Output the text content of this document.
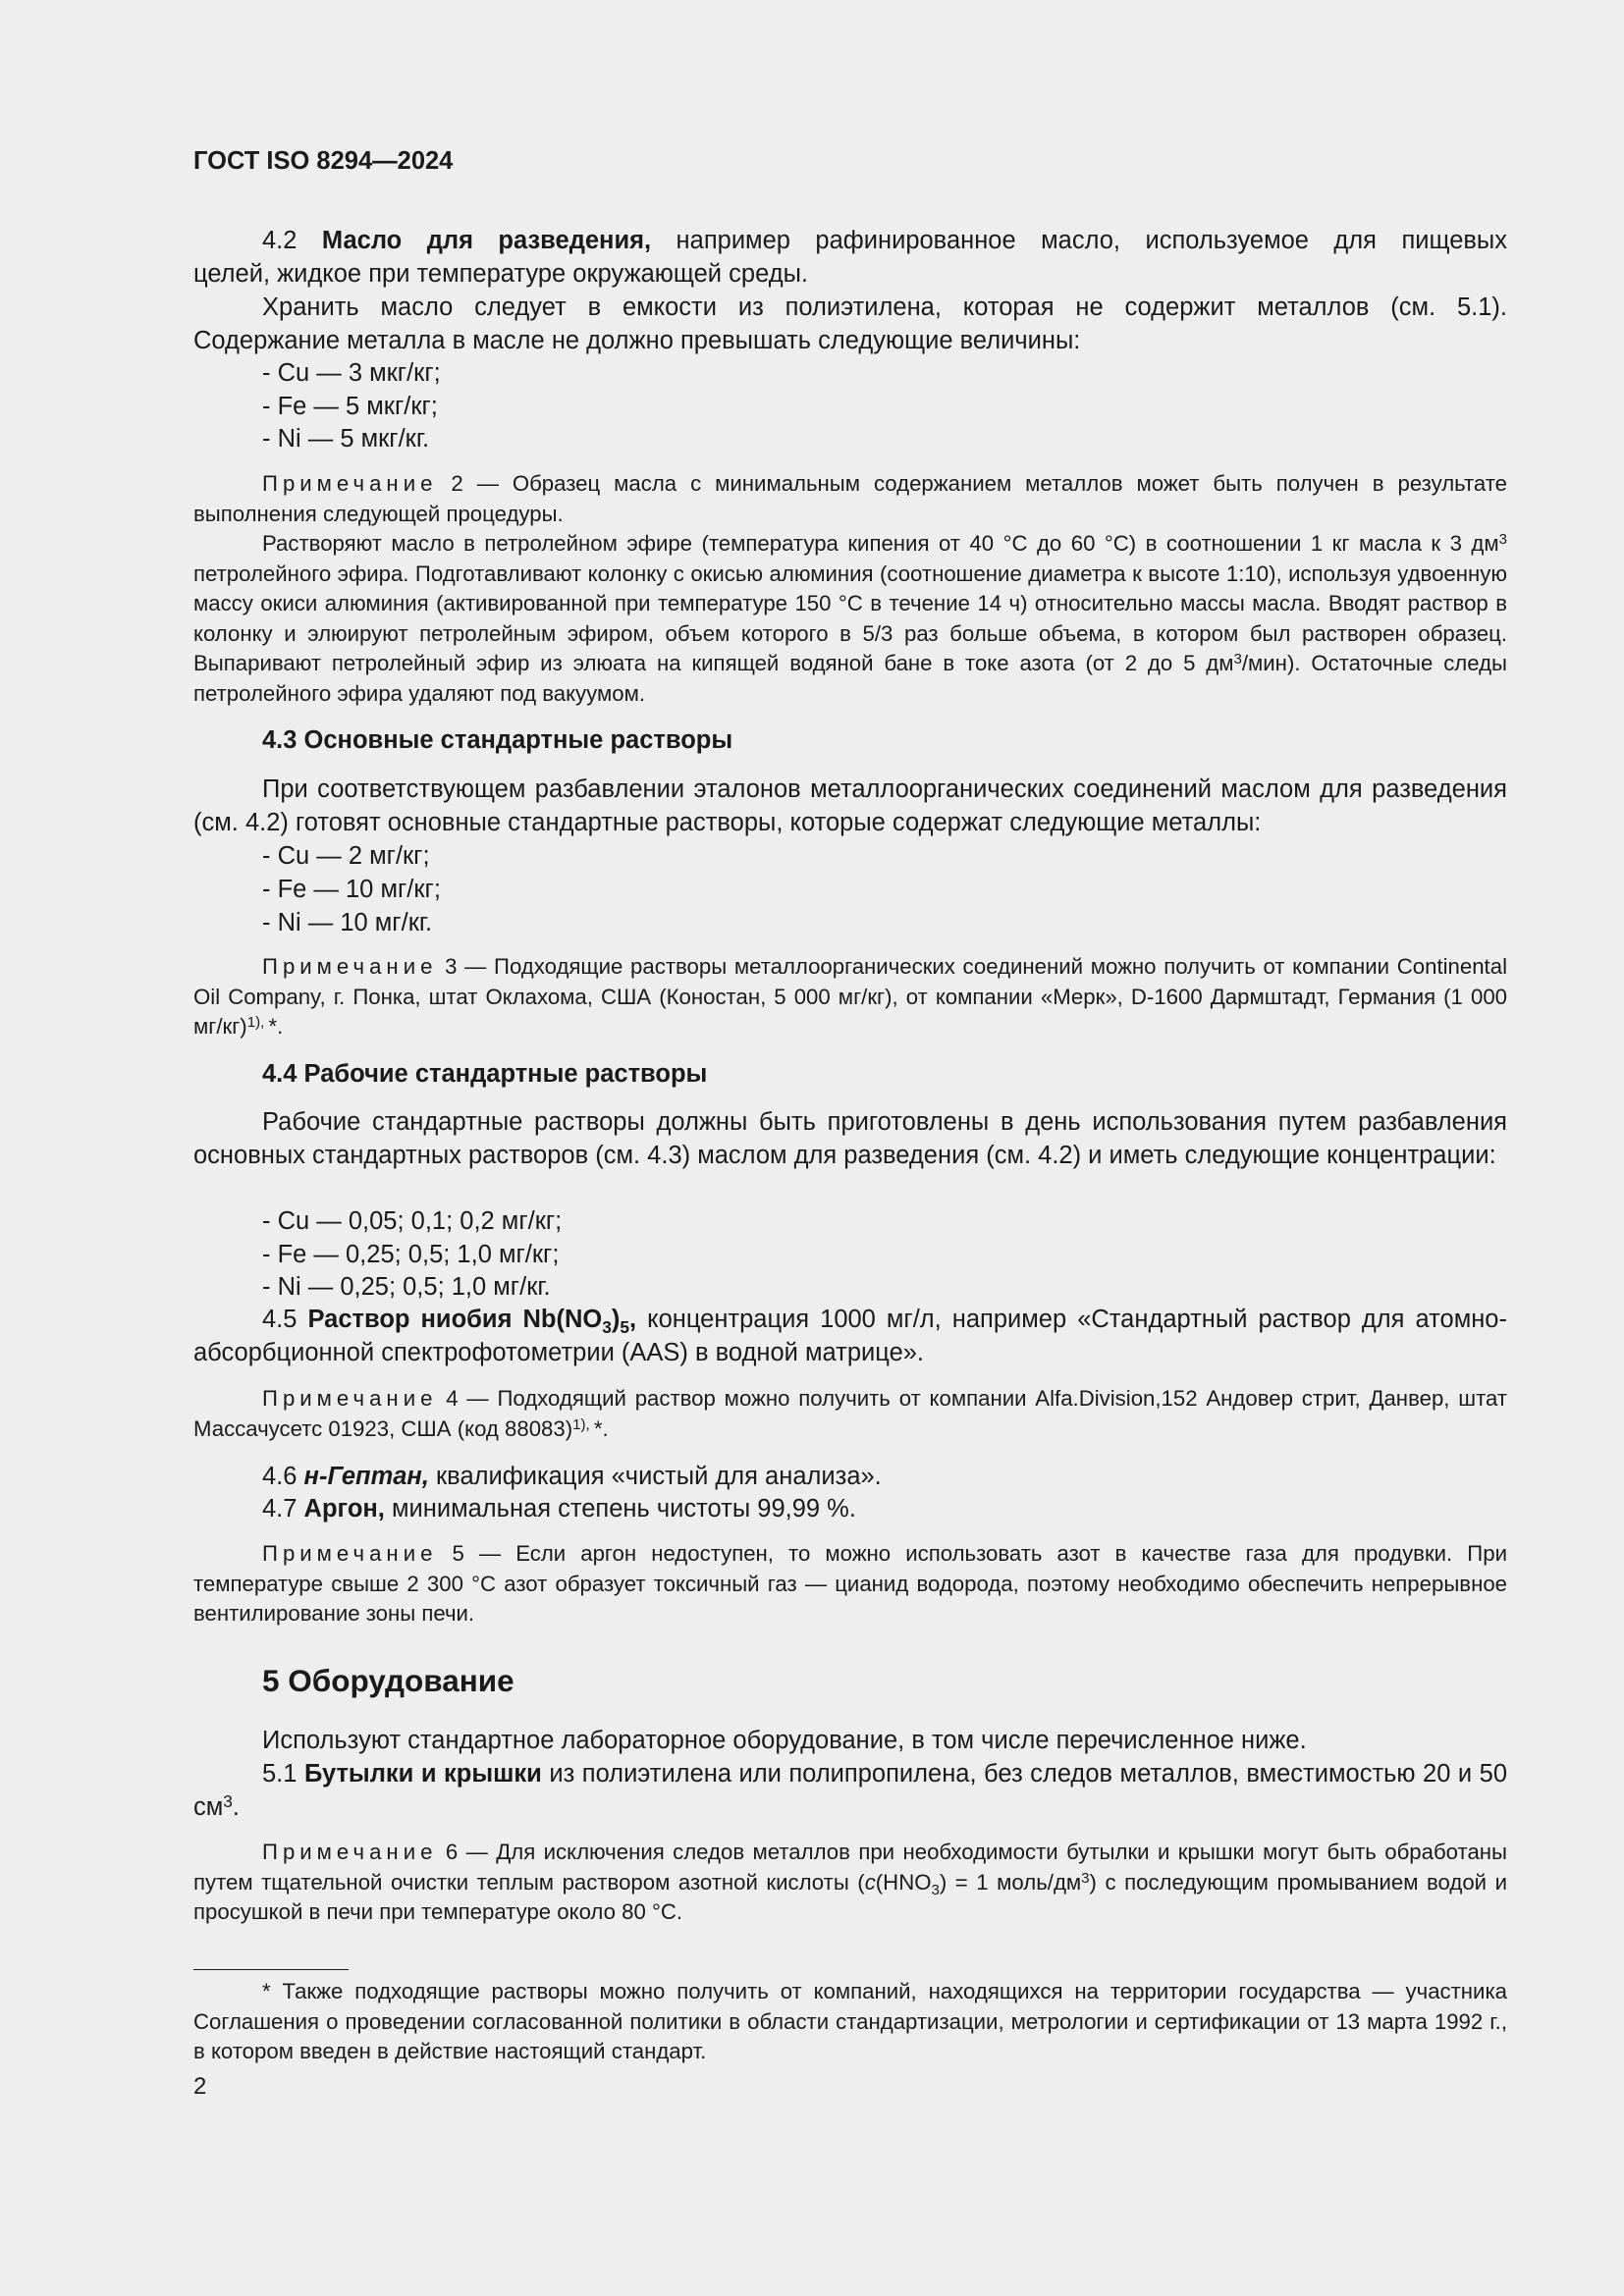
ГОСТ ISO 8294—2024

4.2 Масло для разведения, например рафинированное масло, используемое для пищевых

целей, жидкое при температуре окружающей среды.

Хранить масло следует в емкости из полиэтилена, которая не содержит металлов (см. 5.1).

Содержание металла в масле не должно превышать следующие величины:

- Cu — 3 мкг/кг;

- Fe — 5 мкг/кг;

- Ni — 5 мкг/кг.

Примечание 2 — Образец масла с минимальным содержанием металлов может быть получен в результате выполнения следующей процедуры.

Растворяют масло в петролейном эфире (температура кипения от 40 °С до 60 °С) в соотношении 1 кг масла к 3 $дм^3$ петролейного эфира. Подготавливают колонку с окисью алюминия (соотношение диаметра к высоте 1:10), используя удвоенную массу окиси алюминия (активированной при температуре 150 °С в течение 14 ч) относительно массы масла. Вводят раствор в колонку и элюируют петролейным эфиром, объем которого в 5/3 раз больше объема, в котором был растворен образец. Выпаривают петролейный эфир из элюата на кипящей водяной бане в токе азота (от 2 до 5 $дм^3/мин$). Остаточные следы петролейного эфира удаляют под вакуумом.

4.3 Основные стандартные растворы

При соответствующем разбавлении эталонов металлоорганических соединений маслом для разведения (см. 4.2) готовят основные стандартные растворы, которые содержат следующие металлы:

- Cu — 2 мг/кг;

- Fe — 10 мг/кг;

- Ni — 10 мг/кг.

Примечание 3 — Подходящие растворы металлоорганических соединений можно получить от компании Continental Oil Company, г. Понка, штат Оклахома, США (Коностан, 5 000 мг/кг), от компании «Мерк», D-1600 Дармштадт, Германия (1 000 мг/кг)$^{1),}$ *.

4.4 Рабочие стандартные растворы

Рабочие стандартные растворы должны быть приготовлены в день использования путем разбавления основных стандартных растворов (см. 4.3) маслом для разведения (см. 4.2) и иметь следующие концентрации:

- Cu — 0,05; 0,1; 0,2 мг/кг;

- Fe — 0,25; 0,5; 1,0 мг/кг;

- Ni — 0,25; 0,5; 1,0 мг/кг.

4.5 Раствор ниобия $Nb(NO_3)_5$, концентрация 1000 мг/л, например «Стандартный раствор для атомно-абсорбционной спектрофотометрии (AAS) в водной матрице».

Примечание 4 — Подходящий раствор можно получить от компании Alfa.Division,152 Андовер стрит, Данвер, штат Массачусетс 01923, США (код 88083)$^{1),}$ *.

4.6 н-Гептан, квалификация «чистый для анализа».

4.7 Аргон, минимальная степень чистоты 99,99 %.

Примечание 5 — Если аргон недоступен, то можно использовать азот в качестве газа для продувки. При температуре свыше 2 300 °С азот образует токсичный газ — цианид водорода, поэтому необходимо обеспечить непрерывное вентилирование зоны печи.

5 Оборудование

Используют стандартное лабораторное оборудование, в том числе перечисленное ниже.

5.1 Бутылки и крышки из полиэтилена или полипропилена, без следов металлов, вместимостью 20 и 50 $см^3$.

Примечание 6 — Для исключения следов металлов при необходимости бутылки и крышки могут быть обработаны путем тщательной очистки теплым раствором азотной кислоты ($c(HNO_3) = 1$ моль/$дм^3$) с последующим промыванием водой и просушкой в печи при температуре около 80 °С.

* Также подходящие растворы можно получить от компаний, находящихся на территории государства — участника Соглашения о проведении согласованной политики в области стандартизации, метрологии и сертификации от 13 марта 1992 г., в котором введен в действие настоящий стандарт.

2
